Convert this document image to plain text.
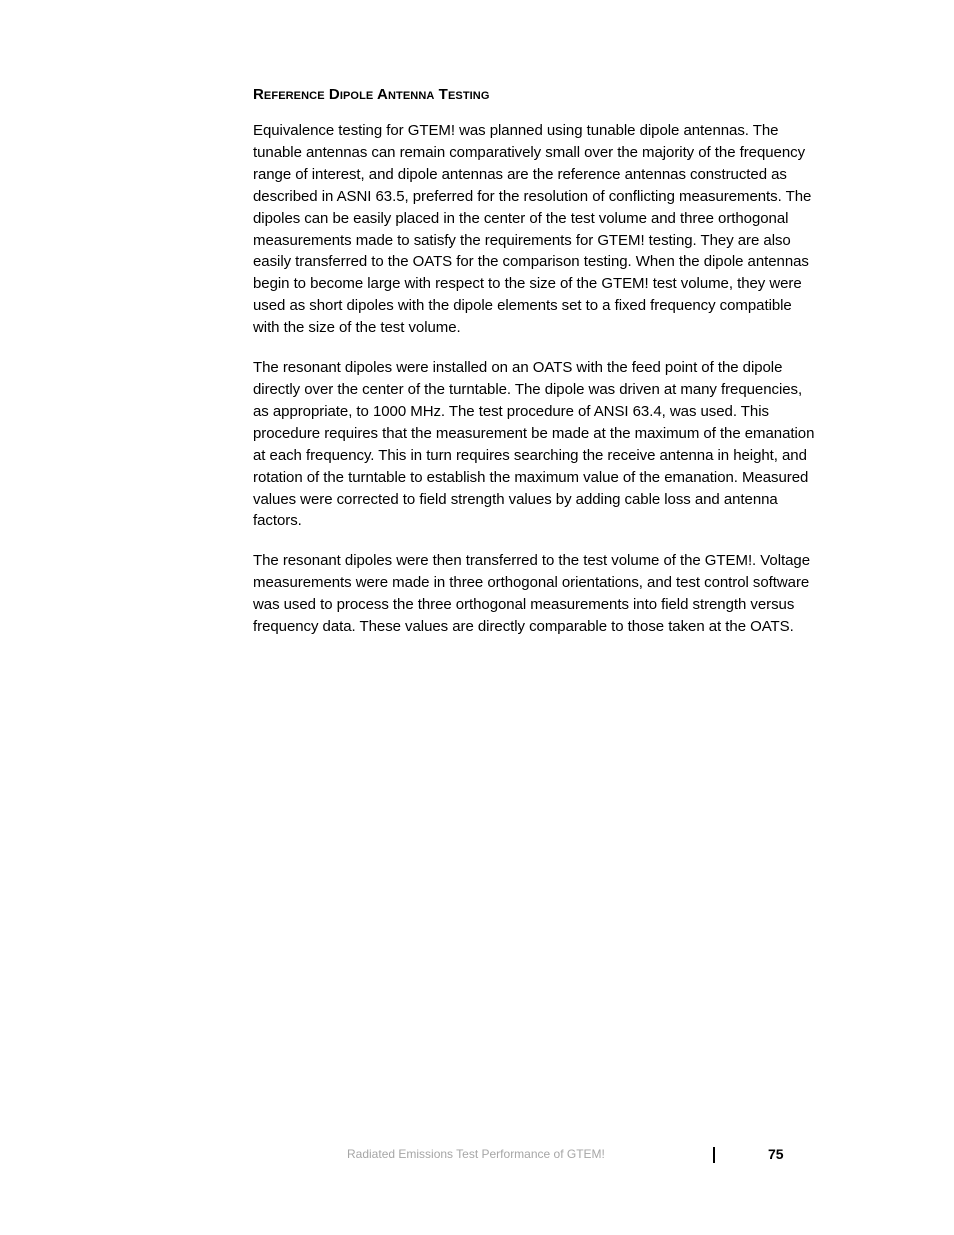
Reference Dipole Antenna Testing

Equivalence testing for GTEM! was planned using tunable dipole antennas. The tunable antennas can remain comparatively small over the majority of the frequency range of interest, and dipole antennas are the reference antennas constructed as described in ASNI 63.5, preferred for the resolution of conflicting measurements. The dipoles can be easily placed in the center of the test volume and three orthogonal measurements made to satisfy the requirements for GTEM! testing. They are also easily transferred to the OATS for the comparison testing. When the dipole antennas begin to become large with respect to the size of the GTEM! test volume, they were used as short dipoles with the dipole elements set to a fixed frequency compatible with the size of the test volume.

The resonant dipoles were installed on an OATS with the feed point of the dipole directly over the center of the turntable. The dipole was driven at many frequencies, as appropriate, to 1000 MHz. The test procedure of ANSI 63.4, was used. This procedure requires that the measurement be made at the maximum of the emanation at each frequency. This in turn requires searching the receive antenna in height, and rotation of the turntable to establish the maximum value of the emanation. Measured values were corrected to field strength values by adding cable loss and antenna factors.

The resonant dipoles were then transferred to the test volume of the GTEM!. Voltage measurements were made in three orthogonal orientations, and test control software was used to process the three orthogonal measurements into field strength versus frequency data. These values are directly comparable to those taken at the OATS.

Radiated Emissions Test Performance of GTEM!	75
